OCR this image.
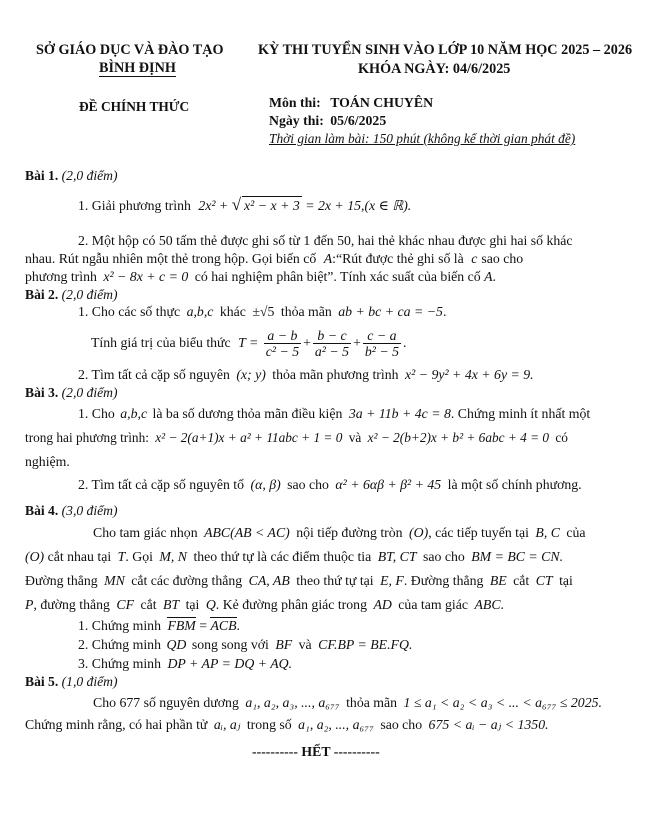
SỞ GIÁO DỤC VÀ ĐÀO TẠO
BÌNH ĐỊNH
KỲ THI TUYỂN SINH VÀO LỚP 10 NĂM HỌC 2025 – 2026
KHÓA NGÀY: 04/6/2025
ĐỀ CHÍNH THỨC	Môn thi: TOÁN CHUYÊN
Ngày thi: 05/6/2025
Thời gian làm bài: 150 phút (không kể thời gian phát đề)
Bài 1. (2,0 điểm)
1. Giải phương trình 2x² + √ x² − x + 3 = 2x + 15,(x ∈ ℝ).
2. Một hộp có 50 tấm thẻ được ghi số từ 1 đến 50, hai thẻ khác nhau được ghi hai số khác
nhau. Rút ngẫu nhiên một thẻ trong hộp. Gọi biến cố A:“Rút được thẻ ghi số là c sao cho
phương trình x² − 8x + c = 0 có hai nghiệm phân biệt”. Tính xác suất của biến cố A.
Bài 2. (2,0 điểm)
1. Cho các số thực a,b,c khác ±√5 thỏa mãn ab + bc + ca = −5.
Tính giá trị của biểu thức $T = \frac{a - b}{\text{c² − 5}} + \frac{b - c}{\text{a² − 5}} + \frac{c - a}{\text{b² − 5}}$ .
2. Tìm tất cả cặp số nguyên (x; y) thỏa mãn phương trình x² − 9y² + 4x + 6y = 9.
Bài 3. (2,0 điểm)
1. Cho a,b,c là ba số dương thỏa mãn điều kiện 3a + 11b + 4c = 8. Chứng minh ít nhất một
trong hai phương trình: x² − 2(a+1)x + a² + 11abc + 1 = 0 và x² − 2(b+2)x + b² + 6abc + 4 = 0 có
nghiệm.
2. Tìm tất cả cặp số nguyên tố (α, β) sao cho α² + 6αβ + β² + 45 là một số chính phương.
Bài 4. (3,0 điểm)
Cho tam giác nhọn ABC(AB < AC) nội tiếp đường tròn (O), các tiếp tuyến tại B, C của
(O) cắt nhau tại T. Gọi M, N theo thứ tự là các điểm thuộc tia BT, CT sao cho BM = BC = CN.
Đường thẳng MN cắt các đường thẳng CA, AB theo thứ tự tại E, F. Đường thẳng BE cắt CT tại
P, đường thẳng CF cắt BT tại Q. Kẻ đường phân giác trong AD của tam giác ABC.
1. Chứng minh FBM = ACB.
2. Chứng minh QD song song với BF và CF.BP = BE.FQ.
3. Chứng minh DP + AP = DQ + AQ.
Bài 5. (1,0 điểm)
Cho 677 số nguyên dương a₁, a₂, a₃, ..., a₆₇₇ thỏa mãn 1 ≤ a₁ < a₂ < a₃ < ... < a₆₇₇ ≤ 2025.
Chứng minh rằng, có hai phần tử aᵢ, aⱼ trong số a₁, a₂, ..., a₆₇₇ sao cho 675 < aᵢ − aⱼ < 1350.
---------- HẾT ----------
